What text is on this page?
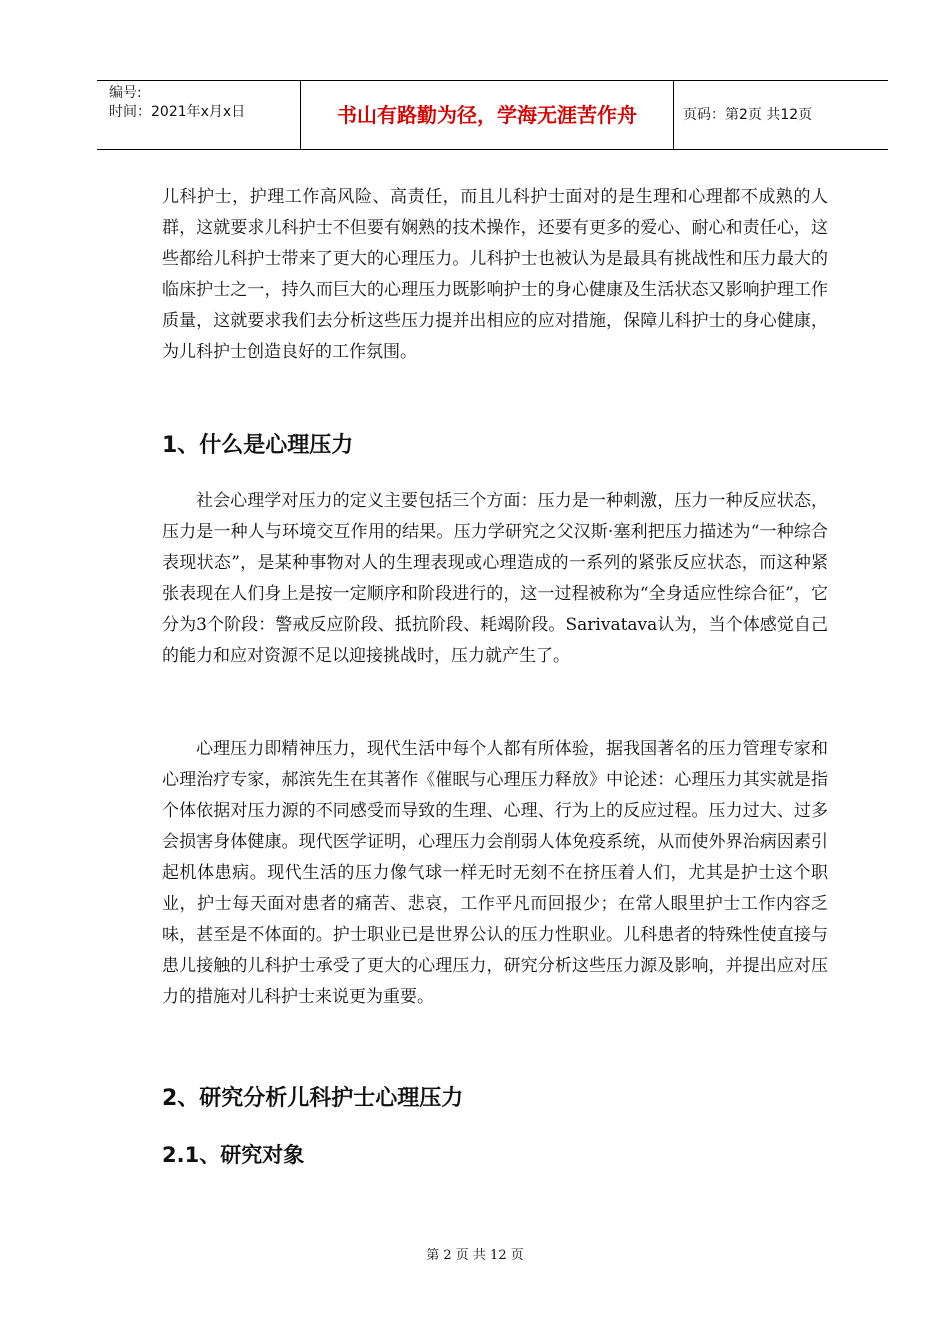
编号:
时间：2021年x月x日	书山有路勤为径，学海无涯苦作舟	页码：第2页 共12页

儿科护士，护理工作高风险、高责任，而且儿科护士面对的是生理和心理都不成熟的人群，这就要求儿科护士不但要有娴熟的技术操作，还要有更多的爱心、耐心和责任心，这些都给儿科护士带来了更大的心理压力。儿科护士也被认为是最具有挑战性和压力最大的临床护士之一，持久而巨大的心理压力既影响护士的身心健康及生活状态又影响护理工作质量，这就要求我们去分析这些压力提并出相应的应对措施，保障儿科护士的身心健康，为儿科护士创造良好的工作氛围。

1、什么是心理压力

社会心理学对压力的定义主要包括三个方面：压力是一种刺激，压力一种反应状态，压力是一种人与环境交互作用的结果。压力学研究之父汉斯·塞利把压力描述为“一种综合表现状态”，是某种事物对人的生理表现或心理造成的一系列的紧张反应状态，而这种紧张表现在人们身上是按一定顺序和阶段进行的，这一过程被称为“全身适应性综合征”，它分为3个阶段：警戒反应阶段、抵抗阶段、耗竭阶段。Sarivatava认为，当个体感觉自己的能力和应对资源不足以迎接挑战时，压力就产生了。

心理压力即精神压力，现代生活中每个人都有所体验，据我国著名的压力管理专家和心理治疗专家，郝滨先生在其著作《催眠与心理压力释放》中论述：心理压力其实就是指个体依据对压力源的不同感受而导致的生理、心理、行为上的反应过程。压力过大、过多会损害身体健康。现代医学证明，心理压力会削弱人体免疫系统，从而使外界治病因素引起机体患病。现代生活的压力像气球一样无时无刻不在挤压着人们，尤其是护士这个职业，护士每天面对患者的痛苦、悲哀，工作平凡而回报少；在常人眼里护士工作内容乏味，甚至是不体面的。护士职业已是世界公认的压力性职业。儿科患者的特殊性使直接与患儿接触的儿科护士承受了更大的心理压力，研究分析这些压力源及影响，并提出应对压力的措施对儿科护士来说更为重要。

2、研究分析儿科护士心理压力
2.1、研究对象
第 2 页 共 12 页
